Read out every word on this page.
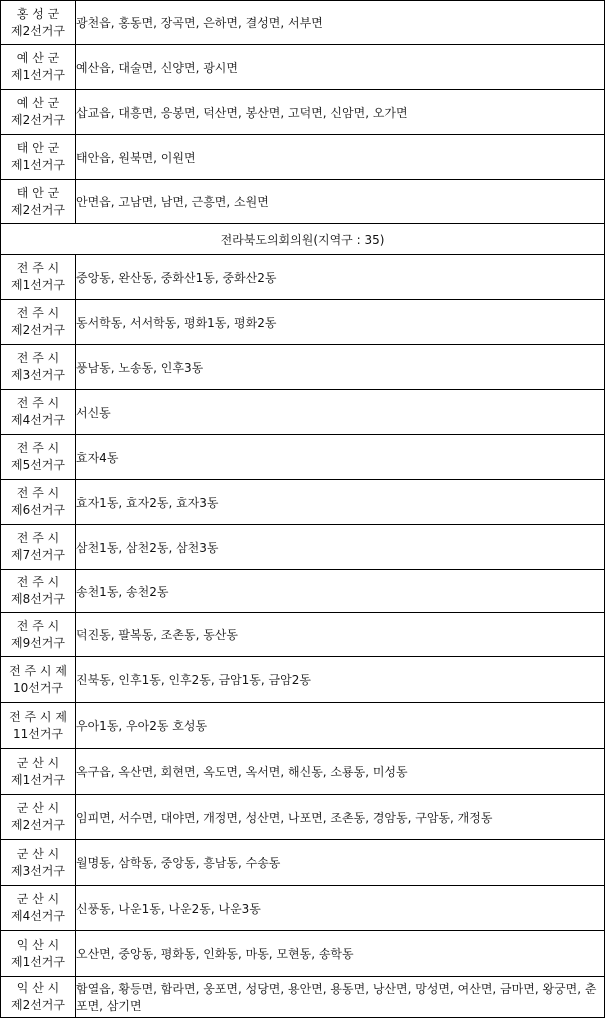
홍 성 군
제2선거구	광천읍, 홍동면, 장곡면, 은하면, 결성면, 서부면
예 산 군
제1선거구	예산읍, 대술면, 신양면, 광시면
예 산 군
제2선거구	삽교읍, 대흥면, 응봉면, 덕산면, 봉산면, 고덕면, 신암면, 오가면
태 안 군
제1선거구	태안읍, 원북면, 이원면
태 안 군
제2선거구	안면읍, 고남면, 남면, 근흥면, 소원면
전라북도의회의원(지역구 : 35)	
전 주 시
제1선거구	중앙동, 완산동, 중화산1동, 중화산2동
전 주 시
제2선거구	동서학동, 서서학동, 평화1동, 평화2동
전 주 시
제3선거구	풍남동, 노송동, 인후3동
전 주 시
제4선거구	서신동
전 주 시
제5선거구	효자4동
전 주 시
제6선거구	효자1동, 효자2동, 효자3동
전 주 시
제7선거구	삼천1동, 삼천2동, 삼천3동
전 주 시
제8선거구	송천1동, 송천2동
전 주 시
제9선거구	덕진동, 팔복동, 조촌동, 동산동
전 주 시 제
10선거구	진북동, 인후1동, 인후2동, 금암1동, 금암2동
전 주 시 제
11선거구	우아1동, 우아2동 호성동
군 산 시
제1선거구	옥구읍, 옥산면, 회현면, 옥도면, 옥서면, 해신동, 소룡동, 미성동
군 산 시
제2선거구	임피면, 서수면, 대야면, 개정면, 성산면, 나포면, 조촌동, 경암동, 구암동, 개정동
군 산 시
제3선거구	월명동, 삼학동, 중앙동, 흥남동, 수송동
군 산 시
제4선거구	신풍동, 나운1동, 나운2동, 나운3동
익 산 시
제1선거구	오산면, 중앙동, 평화동, 인화동, 마동, 모현동, 송학동
익 산 시
제2선거구	함열읍, 황등면, 함라면, 웅포면, 성당면, 용안면, 용동면, 낭산면, 망성면, 여산면, 금마면, 왕궁면, 춘포면, 삼기면
